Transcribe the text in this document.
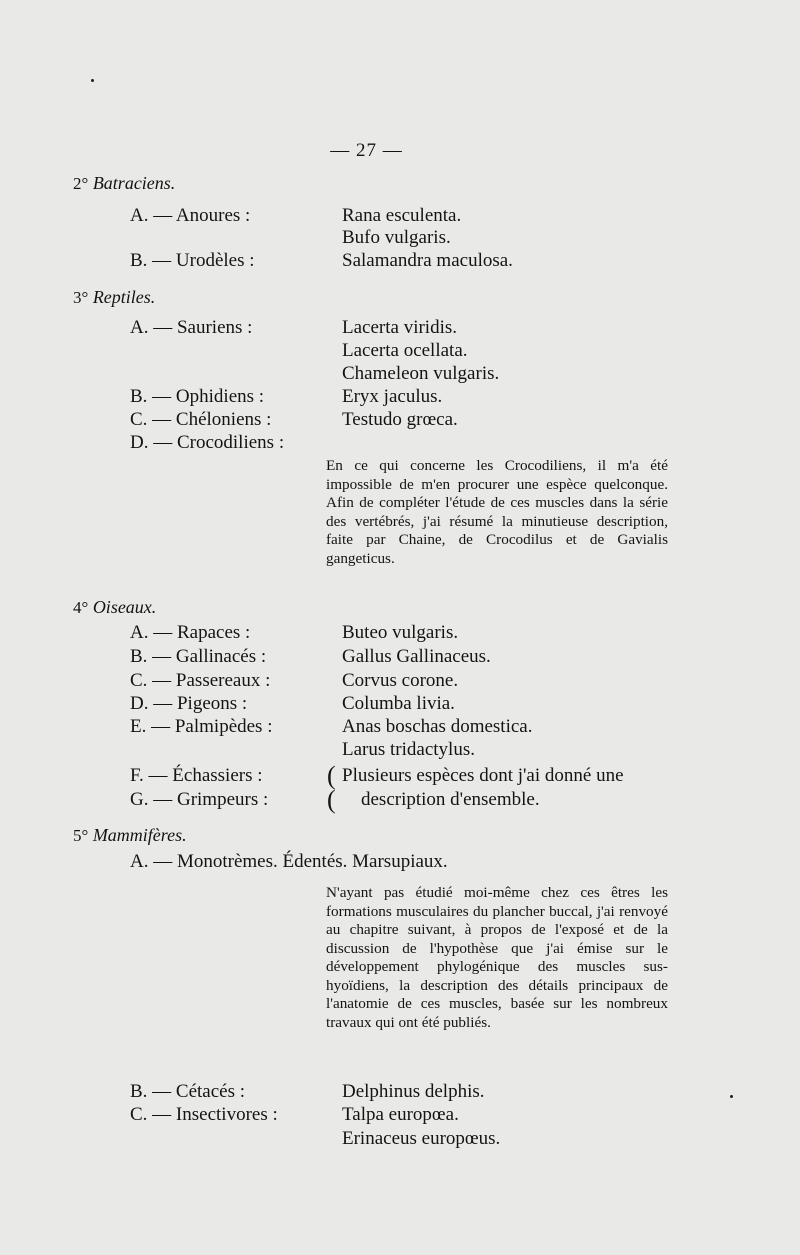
— 27 —
2° Batraciens.
A. — Anoures :	Rana esculenta.
Bufo vulgaris.
B. — Urodèles :	Salamandra maculosa.
3° Reptiles.
A. — Sauriens :	Lacerta viridis.
Lacerta ocellata.
Chameleon vulgaris.
B. — Ophidiens :	Eryx jaculus.
C. — Chéloniens :	Testudo grœca.
D. — Crocodiliens :

En ce qui concerne les Crocodiliens, il m'a été impossible de m'en procurer une espèce quelconque. Afin de compléter l'étude de ces muscles dans la série des vertébrés, j'ai résumé la minutieuse description, faite par Chaine, de Crocodilus et de Gavialis gangeticus.

4° Oiseaux.
A. — Rapaces :	Buteo vulgaris.
B. — Gallinacés :	Gallus Gallinaceus.
C. — Passereaux :	Corvus corone.
D. — Pigeons :	Columba livia.
E. — Palmipèdes :	Anas boschas domestica.
Larus tridactylus.
F. — Échassiers : ( Plusieurs espèces dont j'ai donné une
G. — Grimpeurs : ( description d'ensemble.
5° Mammifères.
A. — Monotrèmes. Édentés. Marsupiaux.

N'ayant pas étudié moi-même chez ces êtres les formations musculaires du plancher buccal, j'ai renvoyé au chapitre suivant, à propos de l'exposé et de la discussion de l'hypothèse que j'ai émise sur le développement phylogénique des muscles sus-hyoïdiens, la description des détails principaux de l'anatomie de ces muscles, basée sur les nombreux travaux qui ont été publiés.

B. — Cétacés :	Delphinus delphis.
C. — Insectivores :	Talpa europœa.
Erinaceus europœus.
